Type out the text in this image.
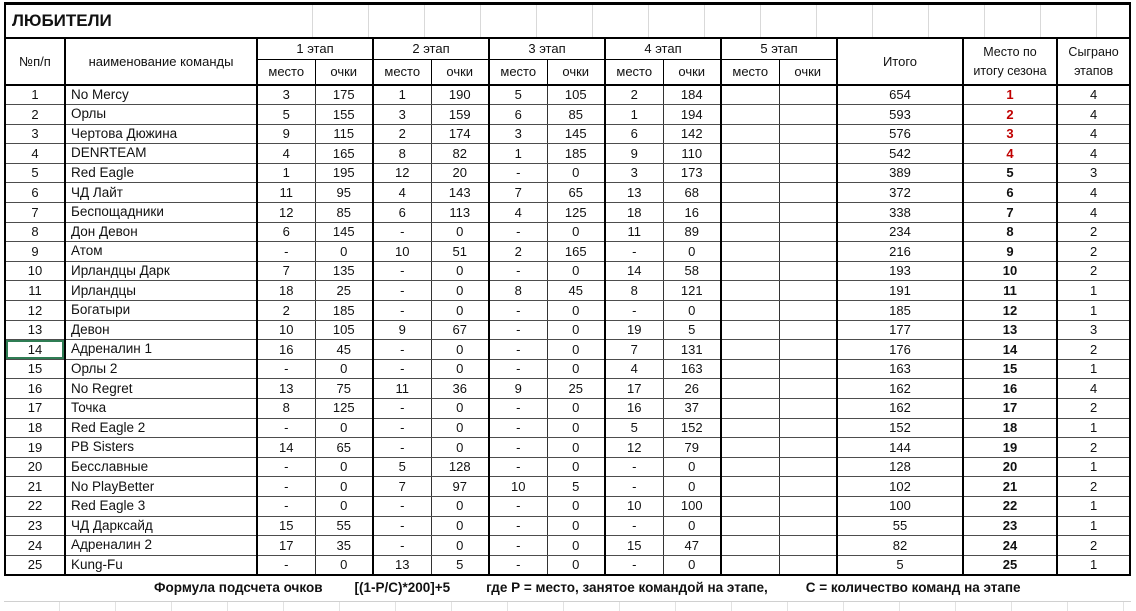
ЛЮБИТЕЛИ														
№п/п	наименование команды	1 этап		2 этап		3 этап		4 этап		5 этап		Итого	Место по
итогу сезона	Сыграно
этапов
		место	очки	место	очки	место	очки	место	очки	место	очки			
1	No Mercy	3	175	1	190	5	105	2	184			654	1	4
2	Орлы	5	155	3	159	6	85	1	194			593	2	4
3	Чертова Дюжина	9	115	2	174	3	145	6	142			576	3	4
4	DENRTEAM	4	165	8	82	1	185	9	110			542	4	4
5	Red Eagle	1	195	12	20	-	0	3	173			389	5	3
6	ЧД Лайт	11	95	4	143	7	65	13	68			372	6	4
7	Беспощадники	12	85	6	113	4	125	18	16			338	7	4
8	Дон Девон	6	145	-	0	-	0	11	89			234	8	2
9	Атом	-	0	10	51	2	165	-	0			216	9	2
10	Ирландцы Дарк	7	135	-	0	-	0	14	58			193	10	2
11	Ирландцы	18	25	-	0	8	45	8	121			191	11	1
12	Богатыри	2	185	-	0	-	0	-	0			185	12	1
13	Девон	10	105	9	67	-	0	19	5			177	13	3
14	Адреналин 1	16	45	-	0	-	0	7	131			176	14	2
15	Орлы 2	-	0	-	0	-	0	4	163			163	15	1
16	No Regret	13	75	11	36	9	25	17	26			162	16	4
17	Точка	8	125	-	0	-	0	16	37			162	17	2
18	Red Eagle 2	-	0	-	0	-	0	5	152			152	18	1
19	PB Sisters	14	65	-	0	-	0	12	79			144	19	2
20	Бесславные	-	0	5	128	-	0	-	0			128	20	1
21	No PlayBetter	-	0	7	97	10	5	-	0			102	21	2
22	Red Eagle 3	-	0	-	0	-	0	10	100			100	22	1
23	ЧД Дарксайд	15	55	-	0	-	0	-	0			55	23	1
24	Адреналин 2	17	35	-	0	-	0	15	47			82	24	2
25	Kung-Fu	-	0	13	5	-	0	-	0			5	25	1
Формула подсчета очков [(1-Р/С)*200]+5	где Р = место, занятое командой на этапе,	С = количество команд на этапе
